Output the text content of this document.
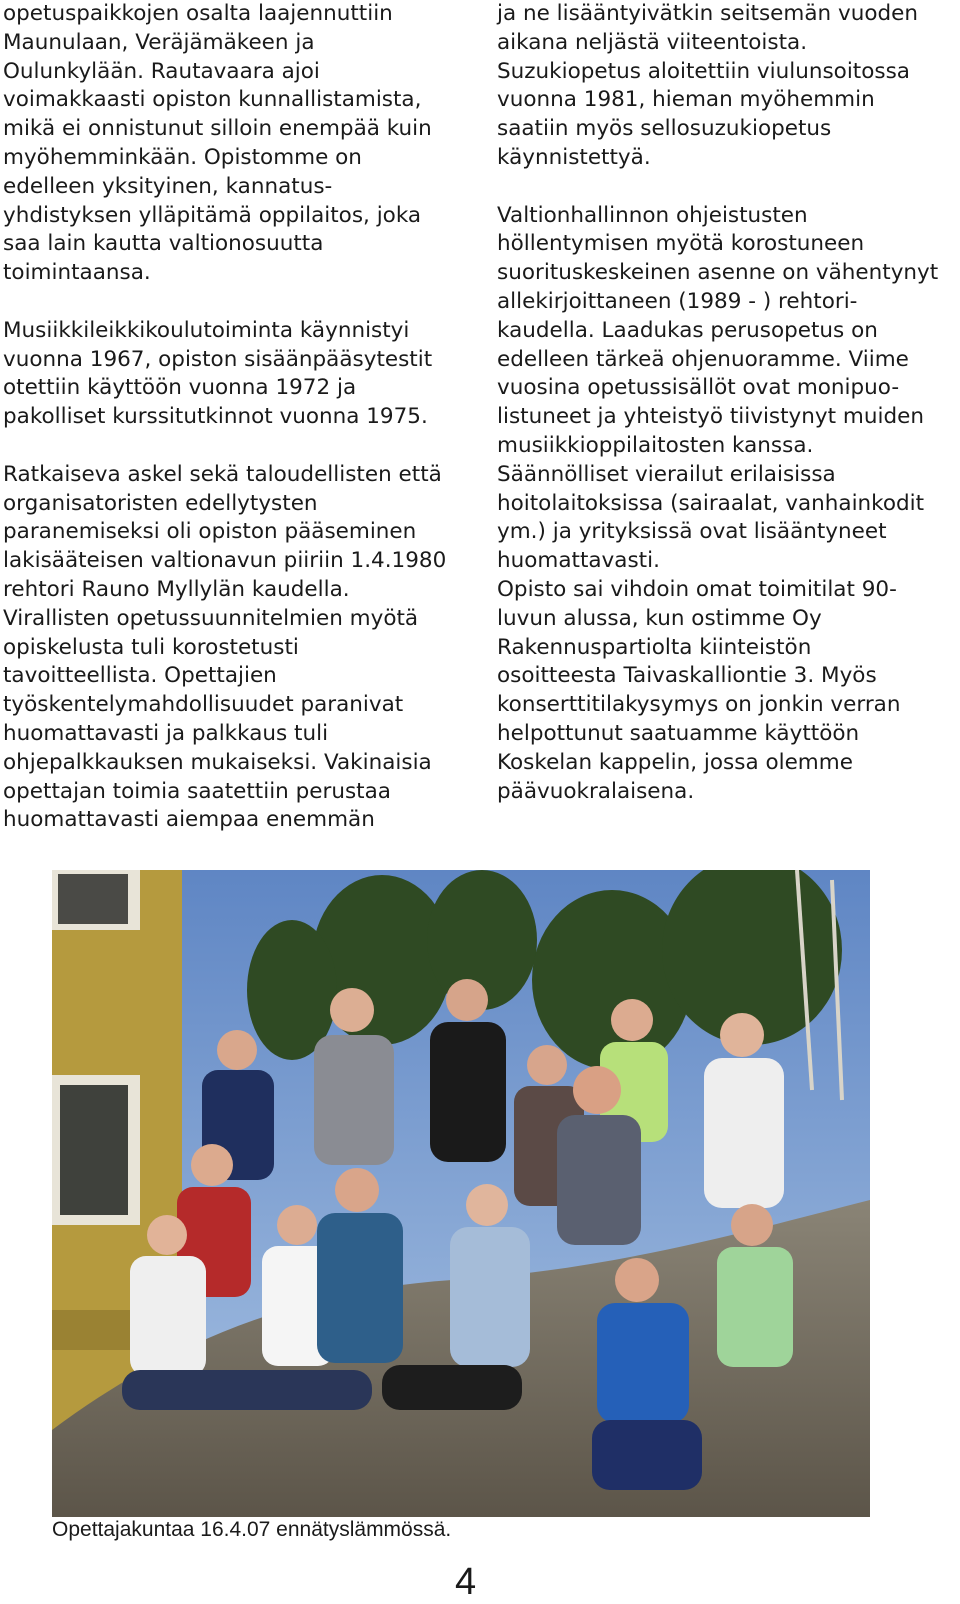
opetuspaikkojen osalta laajennuttiin
Maunulaan, Veräjämäkeen ja
Oulunkylään. Rautavaara ajoi
voimakkaasti opiston kunnallistamista,
mikä ei onnistunut silloin enempää kuin
myöhemminkään. Opistomme on
edelleen yksityinen, kannatus-
yhdistyksen ylläpitämä oppilaitos, joka
saa lain kautta valtionosuutta
toimintaansa.

Musiikkileikkikoulutoiminta käynnistyi
vuonna 1967, opiston sisäänpääsytestit
otettiin käyttöön vuonna 1972 ja
pakolliset kurssitutkinnot vuonna 1975.

Ratkaiseva askel sekä taloudellisten että
organisatoristen edellytysten
paranemiseksi oli opiston pääseminen
lakisääteisen valtionavun piiriin 1.4.1980
rehtori Rauno Myllylän kaudella.
Virallisten opetussuunnitelmien myötä
opiskelusta tuli korostetusti
tavoitteellista. Opettajien
työskentelymahdollisuudet paranivat
huomattavasti ja palkkaus tuli
ohjepalkkauksen mukaiseksi. Vakinaisia
opettajan toimia saatettiin perustaa
huomattavasti aiempaa enemmän

ja ne lisääntyivätkin seitsemän vuoden
aikana neljästä viiteentoista.
Suzukiopetus aloitettiin viulunsoitossa
vuonna 1981, hieman myöhemmin
saatiin myös sellosuzukiopetus
käynnistettyä.

Valtionhallinnon ohjeistusten
höllentymisen myötä korostuneen
suorituskeskeinen asenne on vähentynyt
allekirjoittaneen (1989 - ) rehtori-
kaudella. Laadukas perusopetus on
edelleen tärkeä ohjenuoramme. Viime
vuosina opetussisällöt ovat monipuo-
listuneet ja yhteistyö tiivistynyt muiden
musiikkioppilaitosten kanssa.
Säännölliset vierailut erilaisissa
hoitolaitoksissa (sairaalat, vanhainkodit
ym.) ja yrityksissä ovat lisääntyneet
huomattavasti.
Opisto sai vihdoin omat toimitilat 90-
luvun alussa, kun ostimme Oy
Rakennuspartiolta kiinteistön
osoitteesta Taivaskalliontie 3. Myös
konserttitilakysymys on jonkin verran
helpottunut saatuamme käyttöön
Koskelan kappelin, jossa olemme
päävuokralaisena.

Opettajakuntaa 16.4.07 ennätyslämmössä.
4
